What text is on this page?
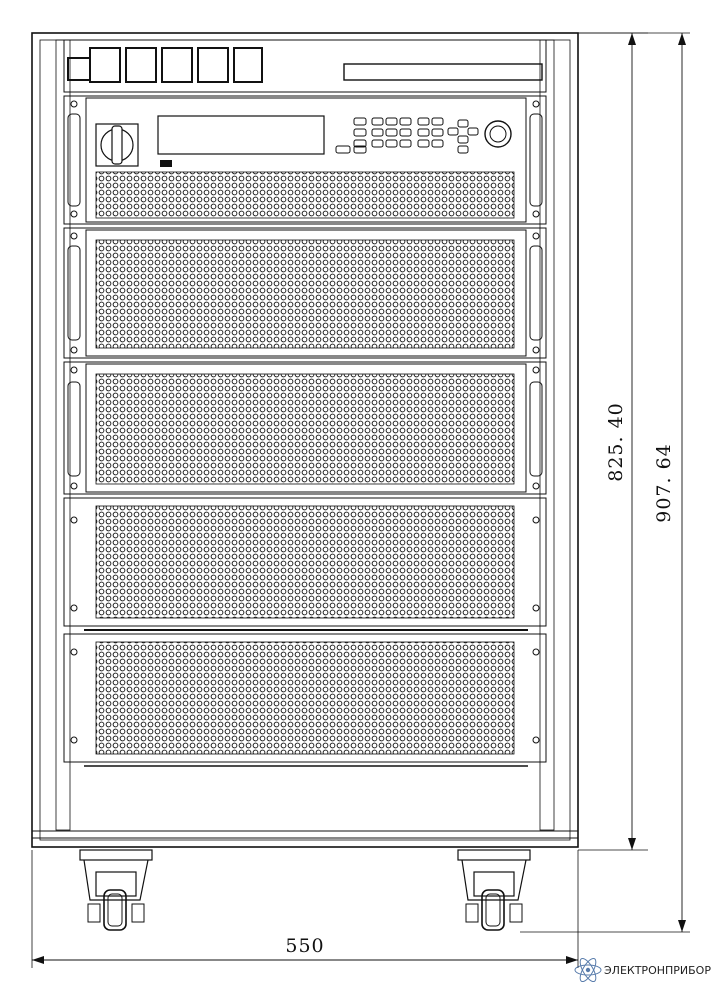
550
825. 40
907. 64
ЭЛЕКТРОНПРИБОР
